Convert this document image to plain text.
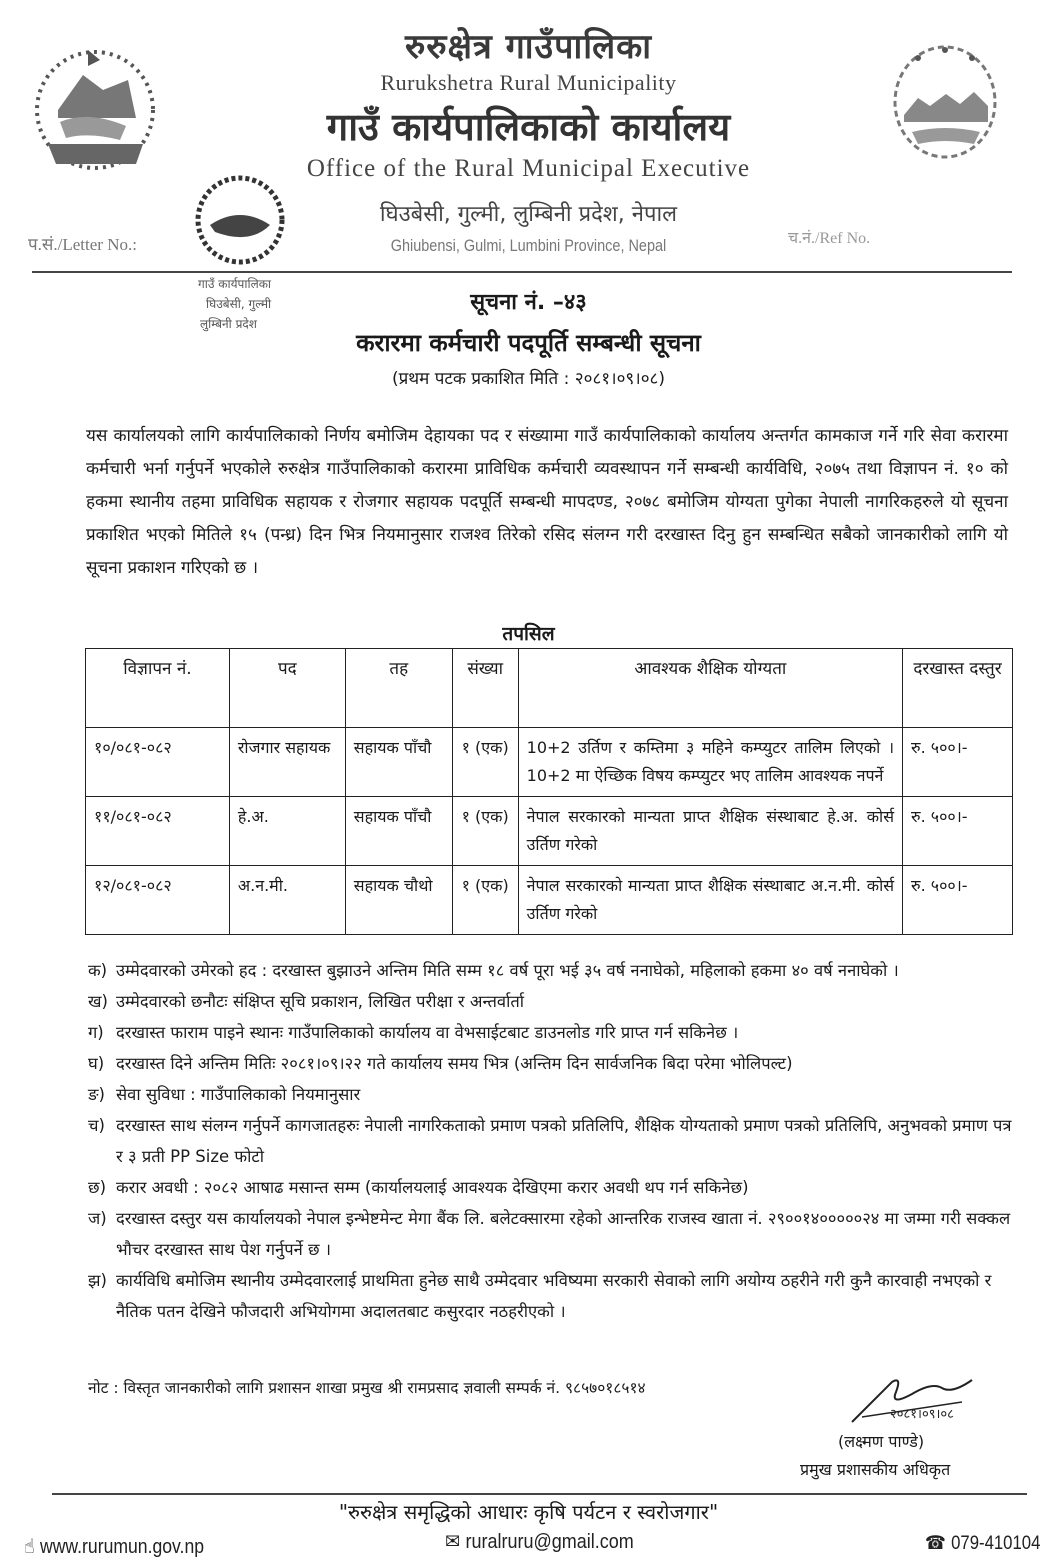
गाउँ कार्यपालिका
घिउबेसी, गुल्मी
लुम्बिनी प्रदेश
रुरुक्षेत्र गाउँपालिका
Rurukshetra Rural Municipality
गाउँ कार्यपालिकाको कार्यालय
Office of the Rural Municipal Executive
घिउबेसी, गुल्मी, लुम्बिनी प्रदेश, नेपाल
Ghiubensi, Gulmi, Lumbini Province, Nepal
प.सं./Letter No.:	च.नं./Ref No.
सूचना नं. –४३
करारमा कर्मचारी पदपूर्ति सम्बन्धी सूचना
(प्रथम पटक प्रकाशित मिति : २०८१।०९।०८)
यस कार्यालयको लागि कार्यपालिकाको निर्णय बमोजिम देहायका पद र संख्यामा गाउँ कार्यपालिकाको कार्यालय अन्तर्गत कामकाज गर्ने गरि सेवा करारमा कर्मचारी भर्ना गर्नुपर्ने भएकोले रुरुक्षेत्र गाउँपालिकाको करारमा प्राविधिक कर्मचारी व्यवस्थापन गर्ने सम्बन्धी कार्यविधि, २०७५ तथा विज्ञापन नं. १० को हकमा स्थानीय तहमा प्राविधिक सहायक र रोजगार सहायक पदपूर्ति सम्बन्धी मापदण्ड, २०७८ बमोजिम योग्यता पुगेका नेपाली नागरिकहरुले यो सूचना प्रकाशित भएको मितिले १५ (पन्ध्र) दिन भित्र नियमानुसार राजश्व तिरेको रसिद संलग्न गरी दरखास्त दिनु हुन सम्बन्धित सबैको जानकारीको लागि यो सूचना प्रकाशन गरिएको छ ।
तपसिल
विज्ञापन नं.	पद	तह	संख्या	आवश्यक शैक्षिक योग्यता	दरखास्त दस्तुर
१०/०८१-०८२	रोजगार सहायक	सहायक पाँचौ	१ (एक)	10+2 उर्तिण र कम्तिमा ३ महिने कम्प्युटर तालिम लिएको । 10+2 मा ऐच्छिक विषय कम्प्युटर भए तालिम आवश्यक नपर्ने	रु. ५००।-
११/०८१-०८२	हे.अ.	सहायक पाँचौ	१ (एक)	नेपाल सरकारको मान्यता प्राप्त शैक्षिक संस्थाबाट हे.अ. कोर्स उर्तिण गरेको	रु. ५००।-
१२/०८१-०८२	अ.न.मी.	सहायक चौथो	१ (एक)	नेपाल सरकारको मान्यता प्राप्त शैक्षिक संस्थाबाट अ.न.मी. कोर्स उर्तिण गरेको	रु. ५००।-
क) उम्मेदवारको उमेरको हद : दरखास्त बुझाउने अन्तिम मिति सम्म १८ वर्ष पूरा भई ३५ वर्ष ननाघेको, महिलाको हकमा ४० वर्ष ननाघेको ।
ख) उम्मेदवारको छनौटः संक्षिप्त सूचि प्रकाशन, लिखित परीक्षा र अन्तर्वार्ता
ग) दरखास्त फाराम पाइने स्थानः गाउँपालिकाको कार्यालय वा वेभसाईटबाट डाउनलोड गरि प्राप्त गर्न सकिनेछ ।
घ) दरखास्त दिने अन्तिम मितिः २०८१।०९।२२ गते कार्यालय समय भित्र (अन्तिम दिन सार्वजनिक बिदा परेमा भोलिपल्ट)
ङ) सेवा सुविधा : गाउँपालिकाको नियमानुसार
च) दरखास्त साथ संलग्न गर्नुपर्ने कागजातहरुः नेपाली नागरिकताको प्रमाण पत्रको प्रतिलिपि, शैक्षिक योग्यताको प्रमाण पत्रको प्रतिलिपि, अनुभवको प्रमाण पत्र र ३ प्रती PP Size फोटो
छ) करार अवधी : २०८२ आषाढ मसान्त सम्म (कार्यालयलाई आवश्यक देखिएमा करार अवधी थप गर्न सकिनेछ)
ज) दरखास्त दस्तुर यस कार्यालयको नेपाल इन्भेष्टमेन्ट मेगा बैंक लि. बलेटक्सारमा रहेको आन्तरिक राजस्व खाता नं. २९००१४०००००२४ मा जम्मा गरी सक्कल भौचर दरखास्त साथ पेश गर्नुपर्ने छ ।
झ) कार्यविधि बमोजिम स्थानीय उम्मेदवारलाई प्राथमिता हुनेछ साथै उम्मेदवार भविष्यमा सरकारी सेवाको लागि अयोग्य ठहरीने गरी कुनै कारवाही नभएको र नैतिक पतन देखिने फौजदारी अभियोगमा अदालतबाट कसुरदार नठहरीएको ।
नोट : विस्तृत जानकारीको लागि प्रशासन शाखा प्रमुख श्री रामप्रसाद ज्ञवाली सम्पर्क नं. ९८५७०१८५१४
२०८१।०९।०८
(लक्ष्मण पाण्डे)
प्रमुख प्रशासकीय अधिकृत
"रुरुक्षेत्र समृद्धिको आधारः कृषि पर्यटन र स्वरोजगार"
☝ www.rurumun.gov.np	✉ ruralruru@gmail.com	☎ 079-410104
